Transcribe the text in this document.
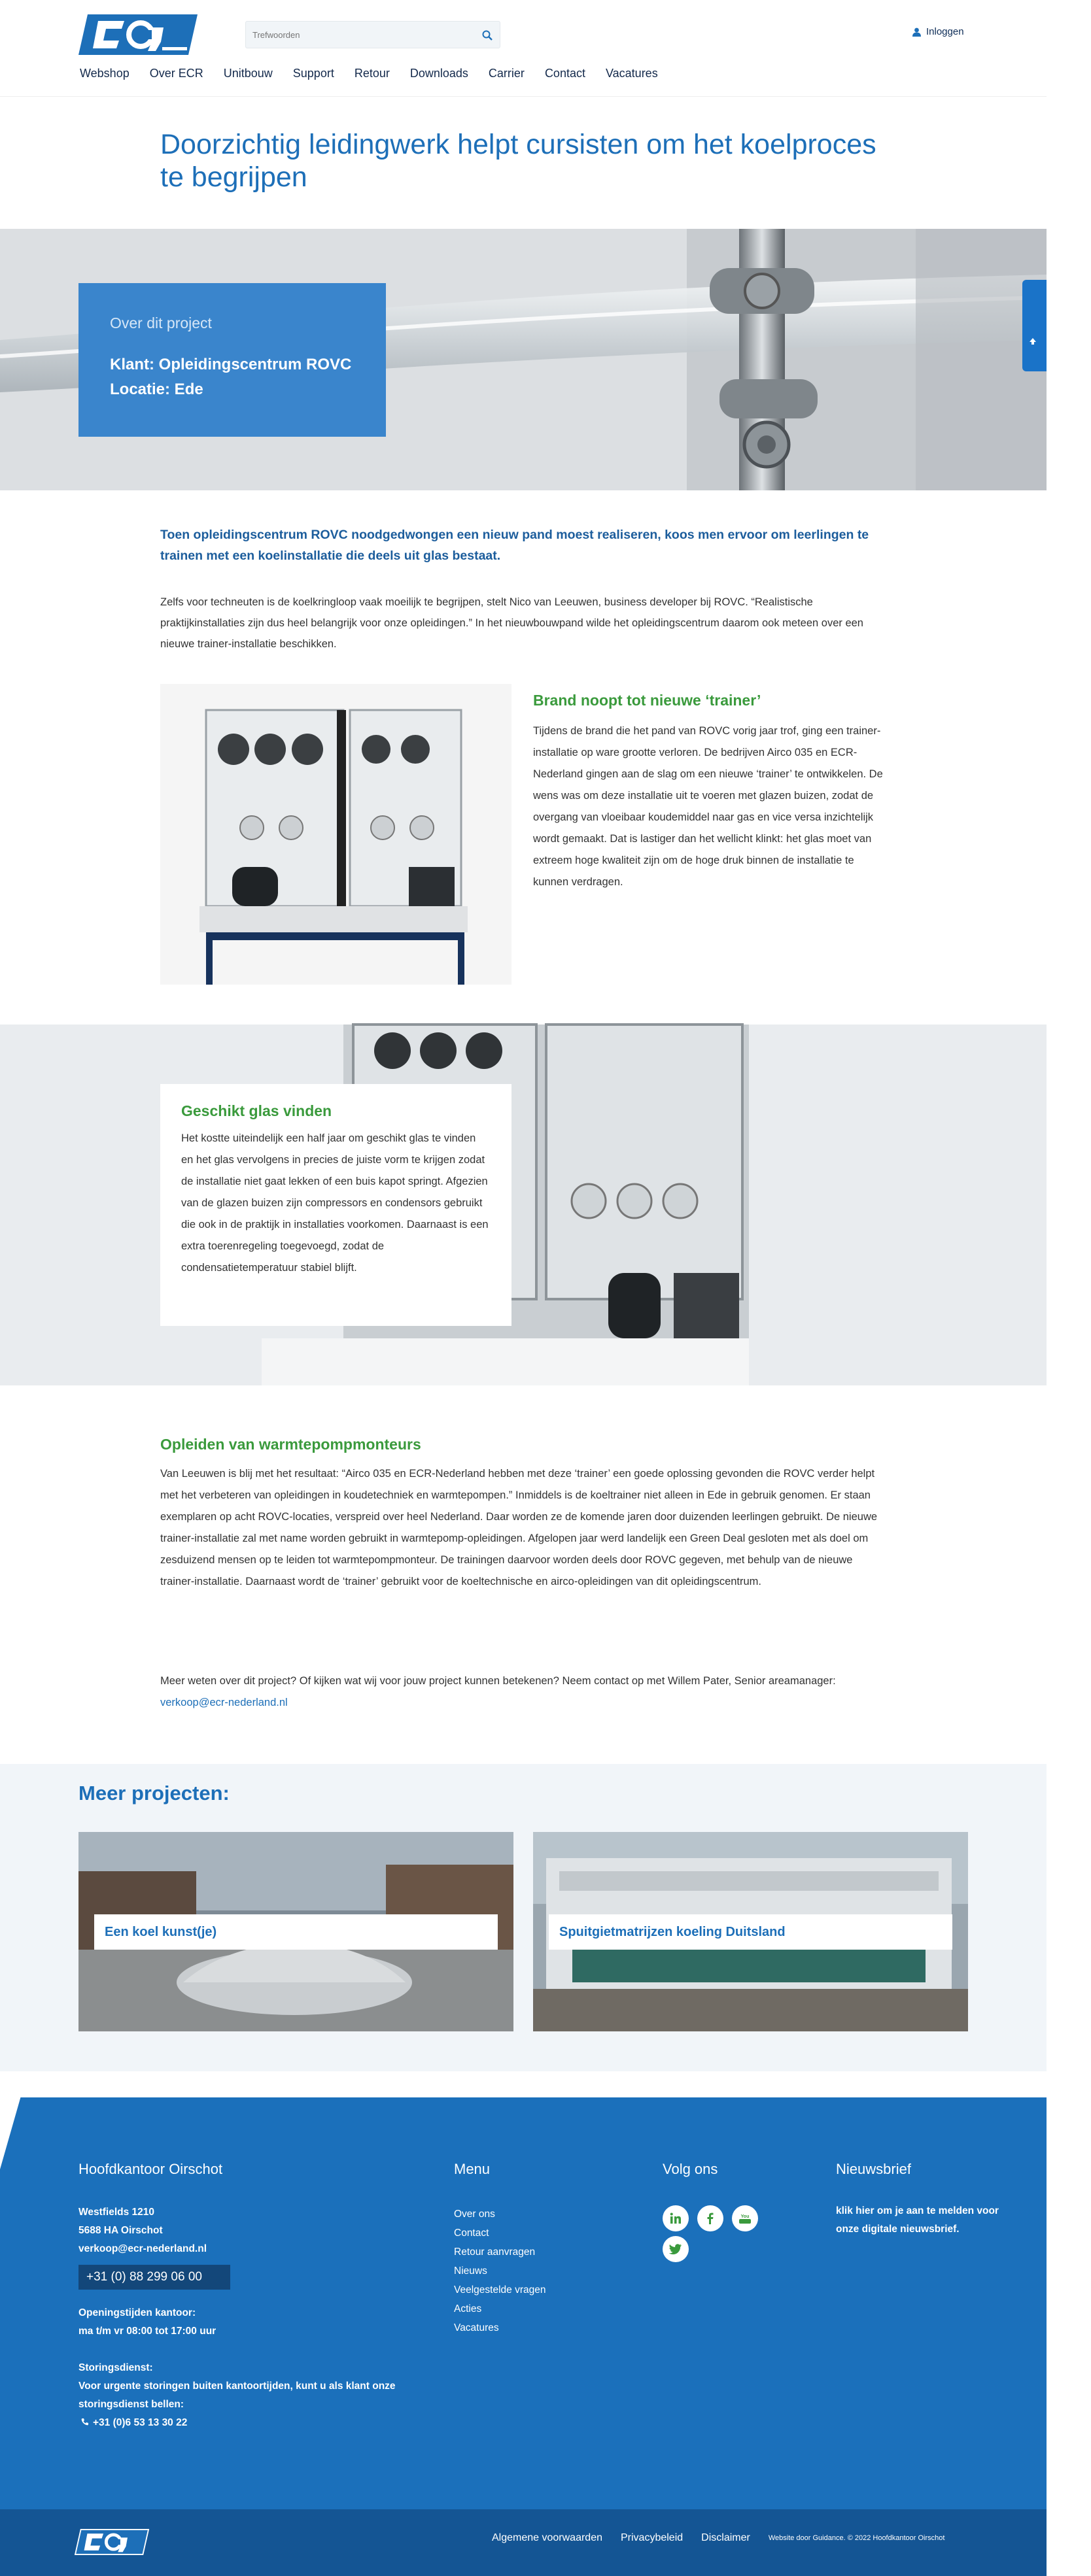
Trefwoorden
Inloggen
Webshop Over ECR Unitbouw Support Retour Downloads Carrier Contact Vacatures
Doorzichtig leidingwerk helpt cursisten om het koelproces te begrijpen
Over dit project
Klant: Opleidingscentrum ROVC
Locatie: Ede
Contact

Toen opleidingscentrum ROVC noodgedwongen een nieuw pand moest realiseren, koos men ervoor om leerlingen te trainen met een koelinstallatie die deels uit glas bestaat.

Zelfs voor techneuten is de koelkringloop vaak moeilijk te begrijpen, stelt Nico van Leeuwen, business developer bij ROVC. “Realistische praktijkinstallaties zijn dus heel belangrijk voor onze opleidingen.” In het nieuwbouwpand wilde het opleidingscentrum daarom ook meteen over een nieuwe trainer-installatie beschikken.

Brand noopt tot nieuwe ‘trainer’

Tijdens de brand die het pand van ROVC vorig jaar trof, ging een trainer-installatie op ware grootte verloren. De bedrijven Airco 035 en ECR-Nederland gingen aan de slag om een nieuwe ‘trainer’ te ontwikkelen. De wens was om deze installatie uit te voeren met glazen buizen, zodat de overgang van vloeibaar koudemiddel naar gas en vice versa inzichtelijk wordt gemaakt. Dat is lastiger dan het wellicht klinkt: het glas moet van extreem hoge kwaliteit zijn om de hoge druk binnen de installatie te kunnen verdragen.

Geschikt glas vinden

Het kostte uiteindelijk een half jaar om geschikt glas te vinden en het glas vervolgens in precies de juiste vorm te krijgen zodat de installatie niet gaat lekken of een buis kapot springt. Afgezien van de glazen buizen zijn compressors en condensors gebruikt die ook in de praktijk in installaties voorkomen. Daarnaast is een extra toerenregeling toegevoegd, zodat de condensatietemperatuur stabiel blijft.

Opleiden van warmtepompmonteurs

Van Leeuwen is blij met het resultaat: “Airco 035 en ECR-Nederland hebben met deze ‘trainer’ een goede oplossing gevonden die ROVC verder helpt met het verbeteren van opleidingen in koudetechniek en warmtepompen.” Inmiddels is de koeltrainer niet alleen in Ede in gebruik genomen. Er staan exemplaren op acht ROVC-locaties, verspreid over heel Nederland. Daar worden ze de komende jaren door duizenden leerlingen gebruikt. De nieuwe trainer-installatie zal met name worden gebruikt in warmtepomp-opleidingen. Afgelopen jaar werd landelijk een Green Deal gesloten met als doel om zesduizend mensen op te leiden tot warmtepompmonteur. De trainingen daarvoor worden deels door ROVC gegeven, met behulp van de nieuwe trainer-installatie. Daarnaast wordt de ‘trainer’ gebruikt voor de koeltechnische en airco-opleidingen van dit opleidingscentrum.

Meer weten over dit project? Of kijken wat wij voor jouw project kunnen betekenen? Neem contact op met Willem Pater, Senior areamanager: verkoop@ecr-nederland.nl

Meer projecten:
Een koel kunst(je)	Spuitgietmatrijzen koeling Duitsland
Hoofdkantoor Oirschot
Westfields 1210
5688 HA Oirschot
verkoop@ecr-nederland.nl
+31 (0) 88 299 06 00
Openingstijden kantoor:
ma t/m vr 08:00 tot 17:00 uur
Storingsdienst:
Voor urgente storingen buiten kantoortijden, kunt u als klant onze storingsdienst bellen:
+31 (0)6 53 13 30 22
Menu
Over ons
Contact
Retour aanvragen
Nieuws
Veelgestelde vragen
Acties
Vacatures
Volg ons
You
Nieuwsbrief
klik hier om je aan te melden voor onze digitale nieuwsbrief.
Algemene voorwaarden Privacybeleid Disclaimer	Website door Guidance. © 2022 Hoofdkantoor Oirschot
